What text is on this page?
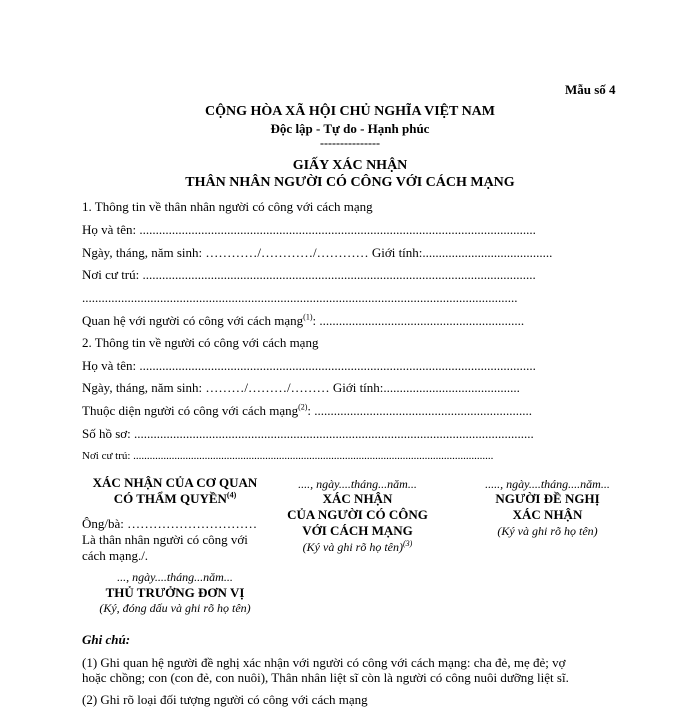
Mẫu số 4
CỘNG HÒA XÃ HỘI CHỦ NGHĨA VIỆT NAM
Độc lập - Tự do - Hạnh phúc
---------------
GIẤY XÁC NHẬN
THÂN NHÂN NGƯỜI CÓ CÔNG VỚI CÁCH MẠNG
1. Thông tin về thân nhân người có công với cách mạng
Họ và tên: ..........................................................................................................................
Ngày, tháng, năm sinh: …………/…………/………… Giới tính:........................................
Nơi cư trú: .........................................................................................................................
......................................................................................................................................
Quan hệ với người có công với cách mạng$^{(1)}$: ...............................................................
2. Thông tin về người có công với cách mạng
Họ và tên: ..........................................................................................................................
Ngày, tháng, năm sinh: ………/………/……… Giới tính:..........................................
Thuộc diện người có công với cách mạng$^{(2)}$: ...................................................................
Số hồ sơ: ...........................................................................................................................
Nơi cư trú: ...................................................................................................................................
XÁC NHẬN CỦA CƠ QUAN
CÓ THẨM QUYỀN$^{(4)}$
Ông/bà: …………………………
Là thân nhân người có công với
cách mạng./.
..., ngày....tháng...năm...
THỦ TRƯỞNG ĐƠN VỊ
(Ký, đóng dấu và ghi rõ họ tên)
...., ngày....tháng...năm...
XÁC NHẬN
CỦA NGƯỜI CÓ CÔNG
VỚI CÁCH MẠNG
(Ký và ghi rõ họ tên)$^{(3)}$
....., ngày....tháng....năm...
NGƯỜI ĐỀ NGHỊ
XÁC NHẬN
(Ký và ghi rõ họ tên)
Ghi chú:
(1) Ghi quan hệ người đề nghị xác nhận với người có công với cách mạng: cha đẻ, mẹ đẻ; vợ
hoặc chồng; con (con đẻ, con nuôi), Thân nhân liệt sĩ còn là người có công nuôi dưỡng liệt sĩ.
(2) Ghi rõ loại đối tượng người có công với cách mạng
